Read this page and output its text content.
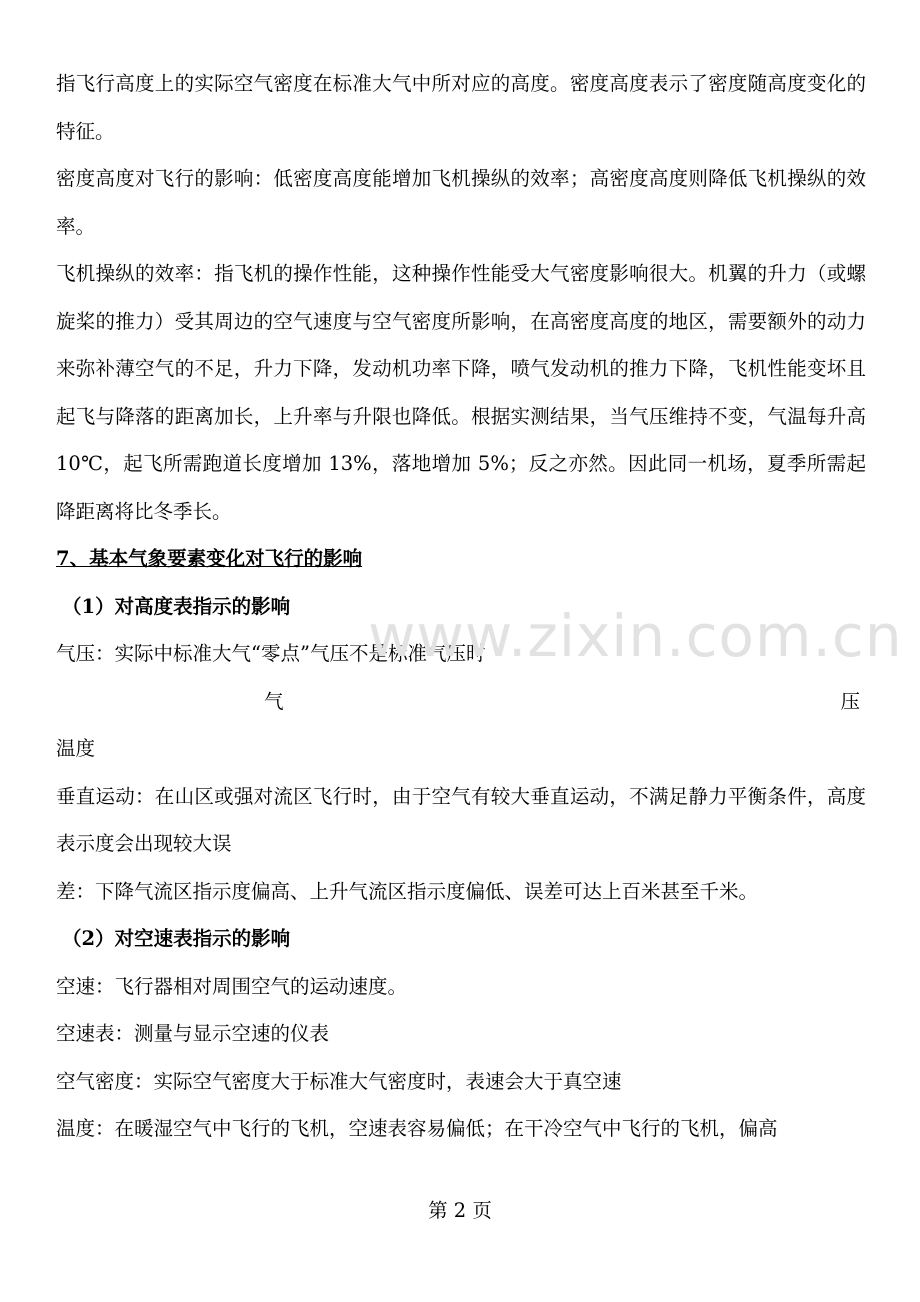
指飞行高度上的实际空气密度在标准大气中所对应的高度。密度高度表示了密度随高度变化的特征。

密度高度对飞行的影响：低密度高度能增加飞机操纵的效率；高密度高度则降低飞机操纵的效率。

飞机操纵的效率：指飞机的操作性能，这种操作性能受大气密度影响很大。机翼的升力（或螺旋桨的推力）受其周边的空气速度与空气密度所影响，在高密度高度的地区，需要额外的动力来弥补薄空气的不足，升力下降，发动机功率下降，喷气发动机的推力下降，飞机性能变坏且起飞与降落的距离加长，上升率与升限也降低。根据实测结果，当气压维持不变，气温每升高 10℃，起飞所需跑道长度增加 13%，落地增加 5%；反之亦然。因此同一机场，夏季所需起降距离将比冬季长。

7、基本气象要素变化对飞行的影响

（1）对高度表指示的影响

气压：实际中标准大气“零点”气压不是标准气压时

气	压

温度

垂直运动：在山区或强对流区飞行时，由于空气有较大垂直运动，不满足静力平衡条件，高度表示度会出现较大误

差：下降气流区指示度偏高、上升气流区指示度偏低、误差可达上百米甚至千米。

（2）对空速表指示的影响

空速：飞行器相对周围空气的运动速度。

空速表：测量与显示空速的仪表

空气密度：实际空气密度大于标准大气密度时，表速会大于真空速

温度：在暖湿空气中飞行的飞机，空速表容易偏低；在干冷空气中飞行的飞机，偏高

www.zixin.com.cn
第 2 页
